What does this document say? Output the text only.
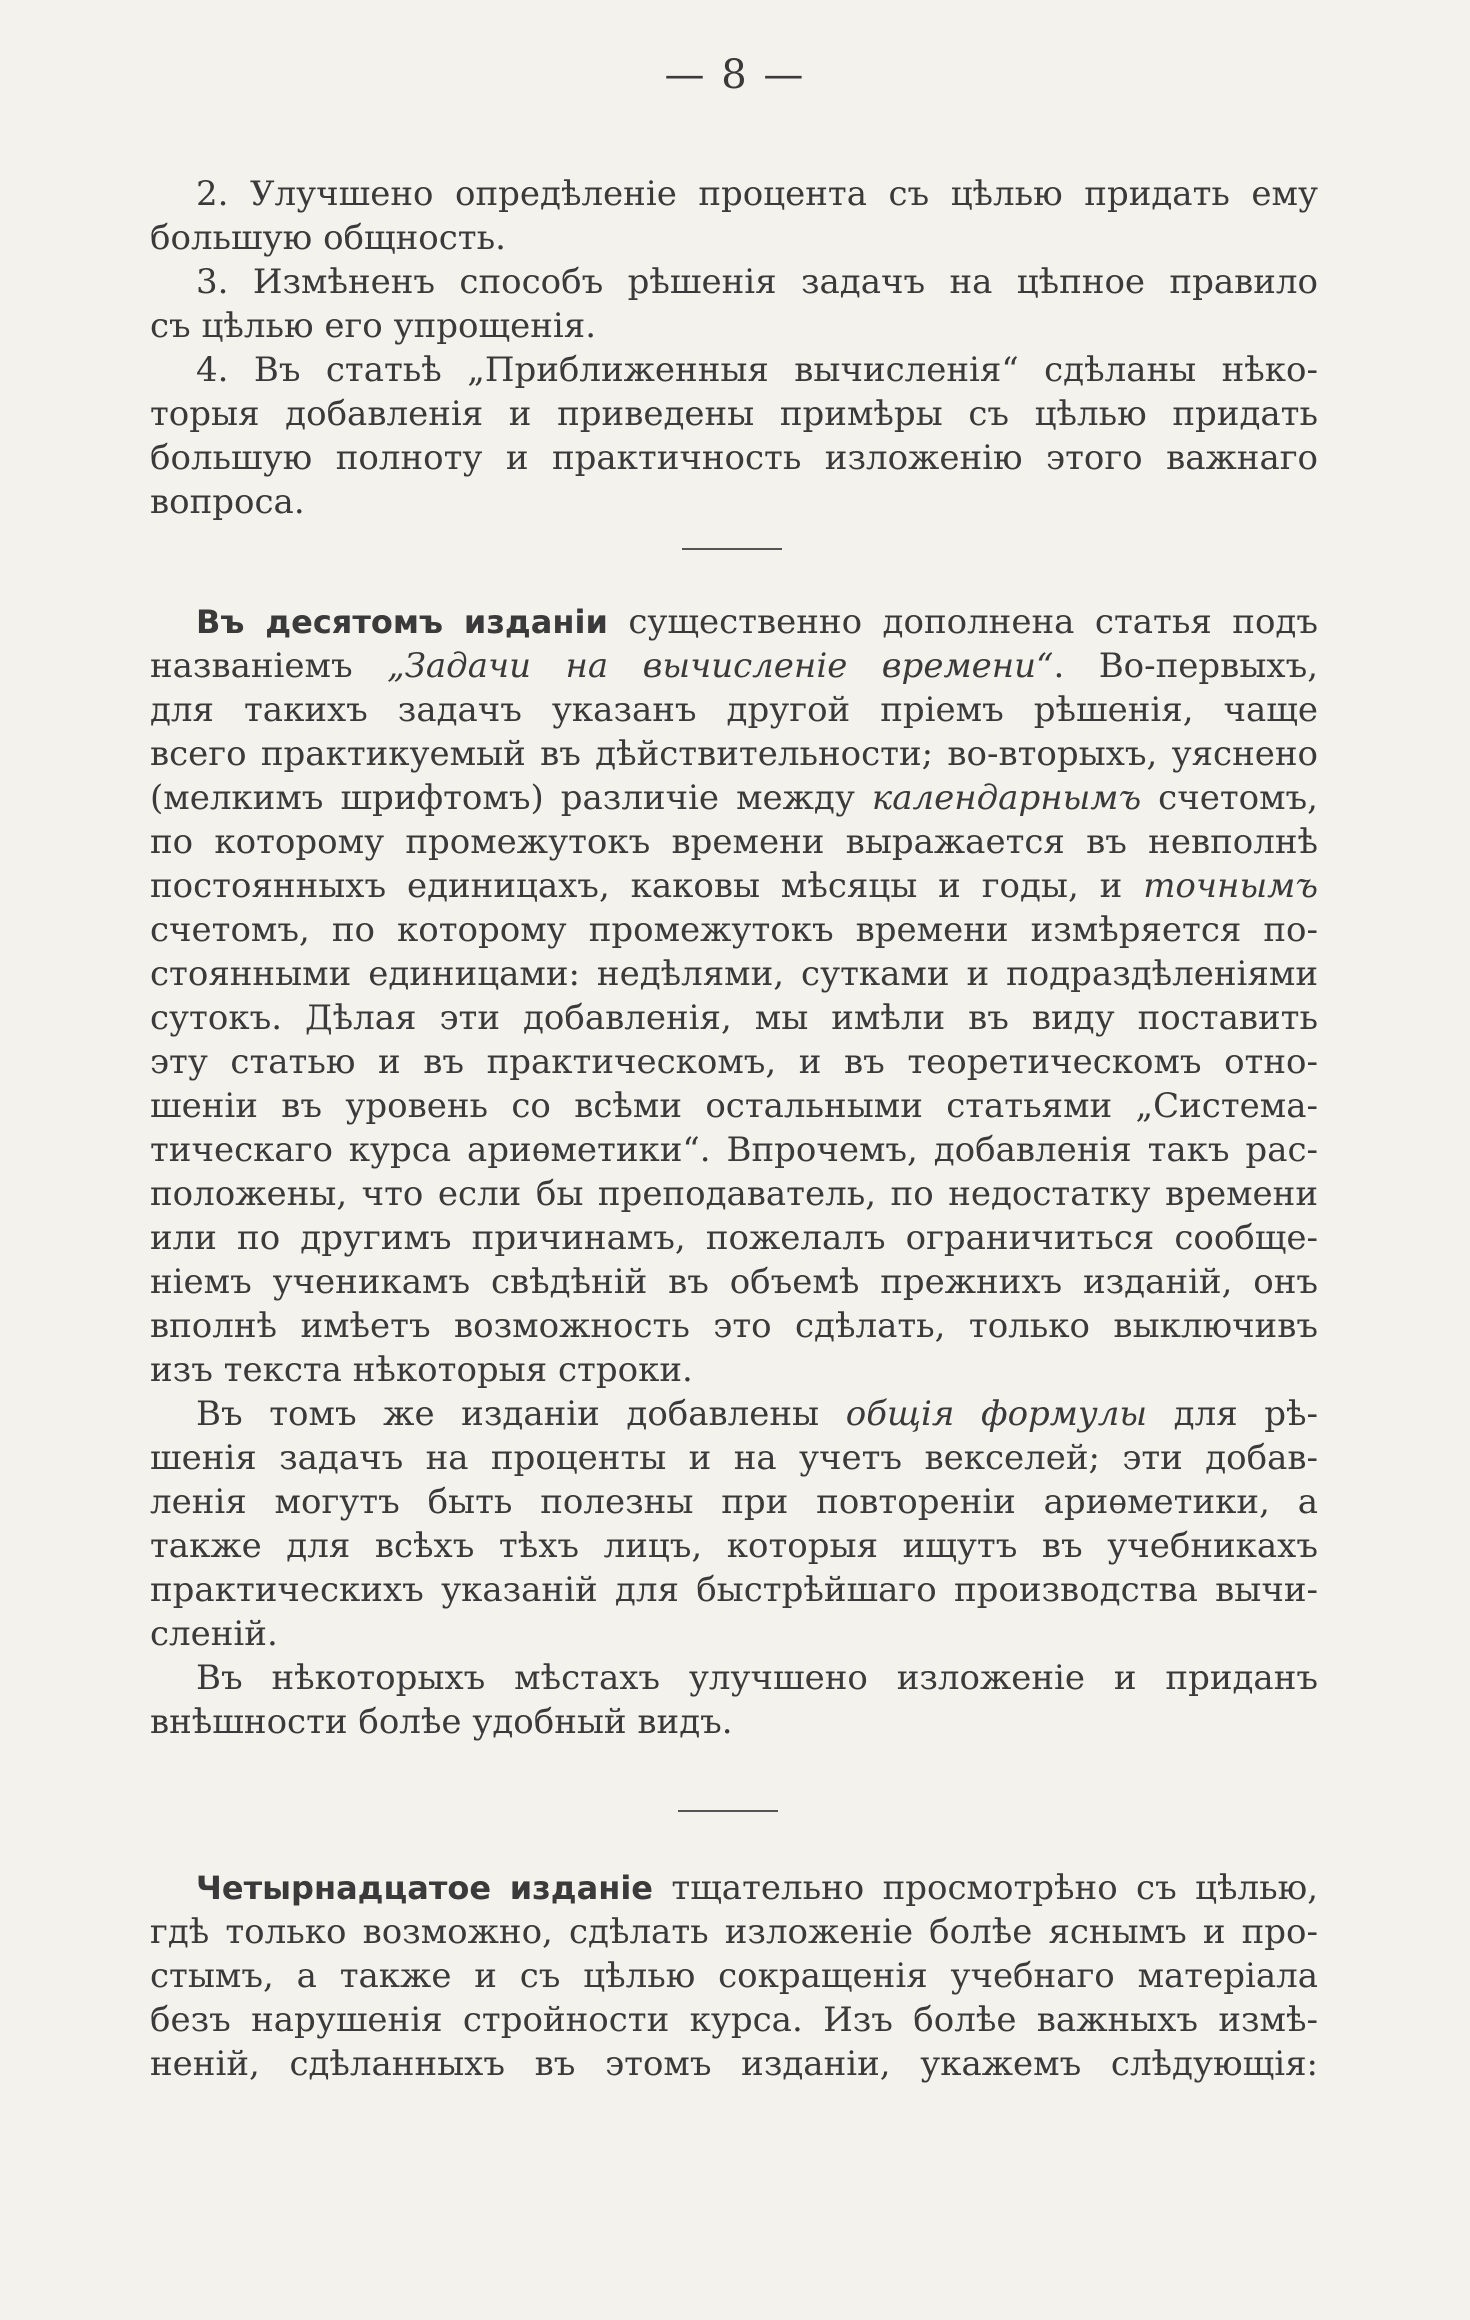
— 8 —
2. Улучшено опредѣленіе процента съ цѣлью придать ему
большую общность.
3. Измѣненъ способъ рѣшенія задачъ на цѣпное правило
съ цѣлью его упрощенія.
4. Въ статьѣ „Приближенныя вычисленія“ сдѣланы нѣко-
торыя добавленія и приведены примѣры съ цѣлью придать
большую полноту и практичность изложенію этого важнаго
вопроса.
Въ десятомъ изданіи существенно дополнена статья подъ
названіемъ „Задачи на вычисленіе времени“. Во-первыхъ,
для такихъ задачъ указанъ другой пріемъ рѣшенія, чаще
всего практикуемый въ дѣйствительности; во-вторыхъ, уяснено
(мелкимъ шрифтомъ) различіе между календарнымъ счетомъ,
по которому промежутокъ времени выражается въ невполнѣ
постоянныхъ единицахъ, каковы мѣсяцы и годы, и точнымъ
счетомъ, по которому промежутокъ времени измѣряется по-
стоянными единицами: недѣлями, сутками и подраздѣленіями
сутокъ. Дѣлая эти добавленія, мы имѣли въ виду поставить
эту статью и въ практическомъ, и въ теоретическомъ отно-
шеніи въ уровень со всѣми остальными статьями „Система-
тическаго курса ариѳметики“. Впрочемъ, добавленія такъ рас-
положены, что если бы преподаватель, по недостатку времени
или по другимъ причинамъ, пожелалъ ограничиться сообще-
ніемъ ученикамъ свѣдѣній въ объемѣ прежнихъ изданій, онъ
вполнѣ имѣетъ возможность это сдѣлать, только выключивъ
изъ текста нѣкоторыя строки.
Въ томъ же изданіи добавлены общія формулы для рѣ-
шенія задачъ на проценты и на учетъ векселей; эти добав-
ленія могутъ быть полезны при повтореніи ариѳметики, а
также для всѣхъ тѣхъ лицъ, которыя ищутъ въ учебникахъ
практическихъ указаній для быстрѣйшаго производства вычи-
сленій.
Въ нѣкоторыхъ мѣстахъ улучшено изложеніе и приданъ
внѣшности болѣе удобный видъ.
Четырнадцатое изданіе тщательно просмотрѣно съ цѣлью,
гдѣ только возможно, сдѣлать изложеніе болѣе яснымъ и про-
стымъ, а также и съ цѣлью сокращенія учебнаго матеріала
безъ нарушенія стройности курса. Изъ болѣе важныхъ измѣ-
неній, сдѣланныхъ въ этомъ изданіи, укажемъ слѣдующія:
